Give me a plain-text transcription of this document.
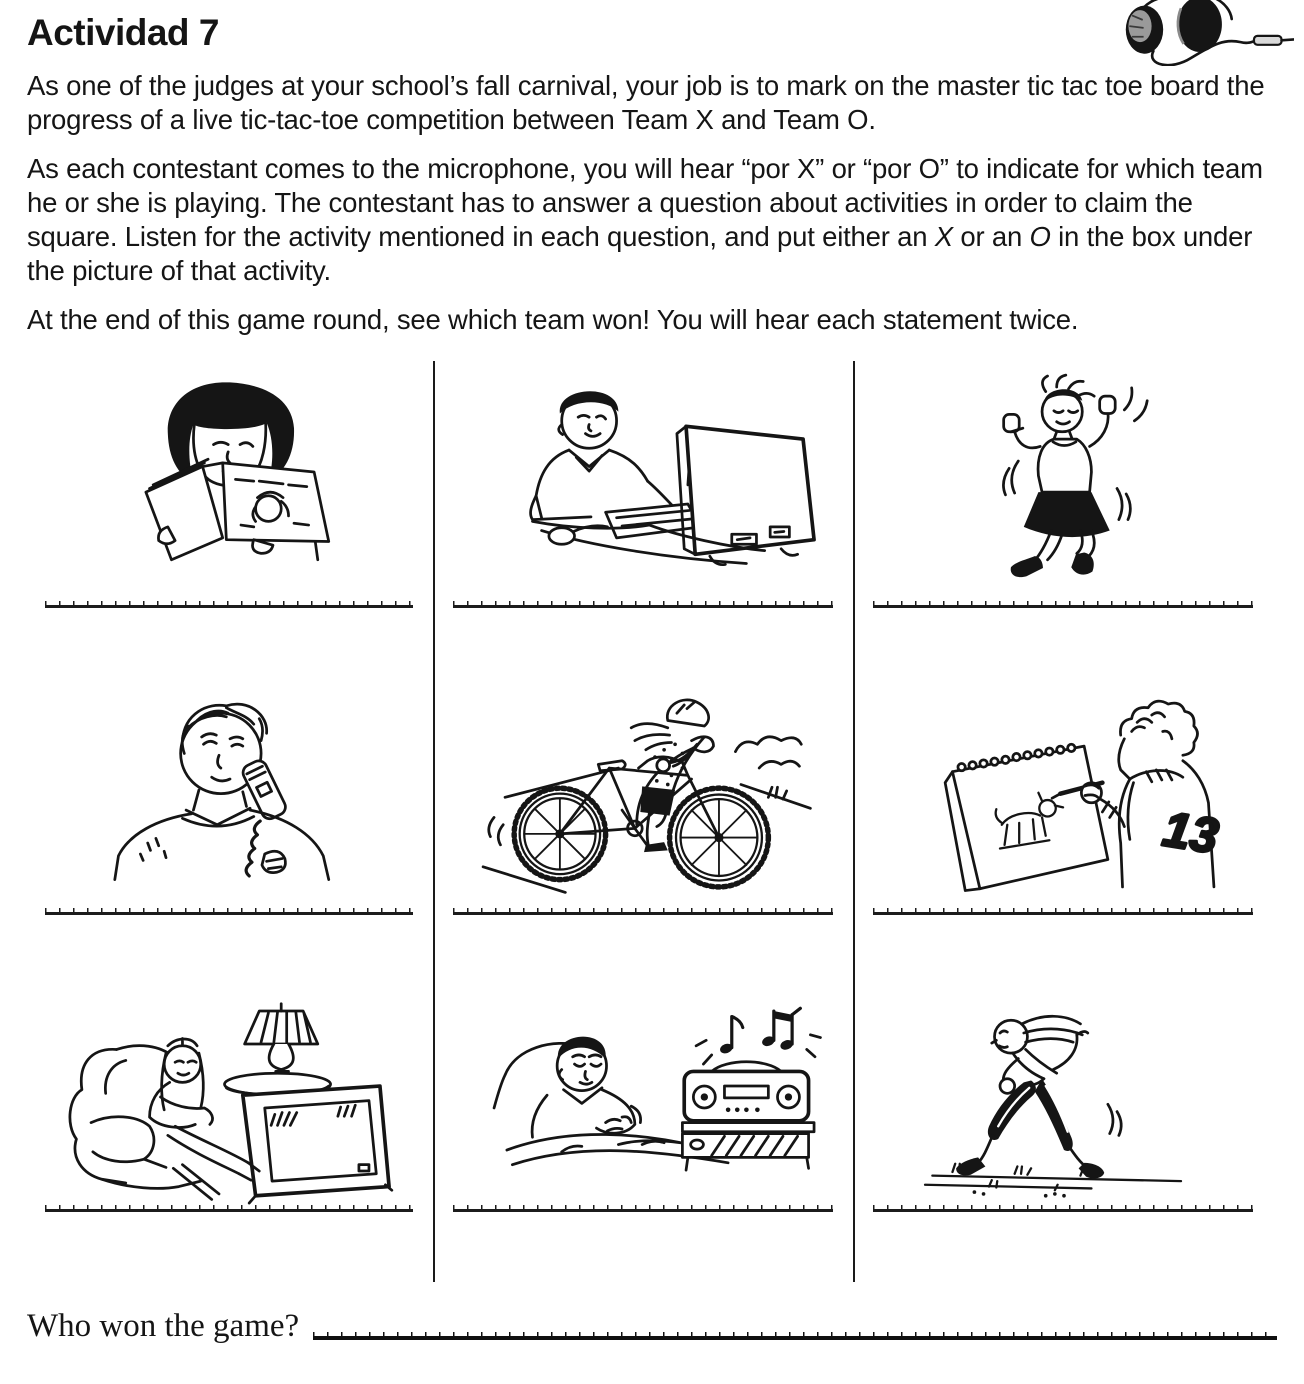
Actividad 7

As one of the judges at your school’s fall carnival, your job is to mark on the master tic tac toe board the progress of a live tic-tac-toe competition between Team X and Team O.

As each contestant comes to the microphone, you will hear “por X” or “por O” to indicate for which team he or she is playing. The contestant has to answer a question about activities in order to claim the square. Listen for the activity mentioned in each question, and put either an X or an O in the box under the picture of that activity.

At the end of this game round, see which team won! You will hear each statement twice.

13
Who won the game?
